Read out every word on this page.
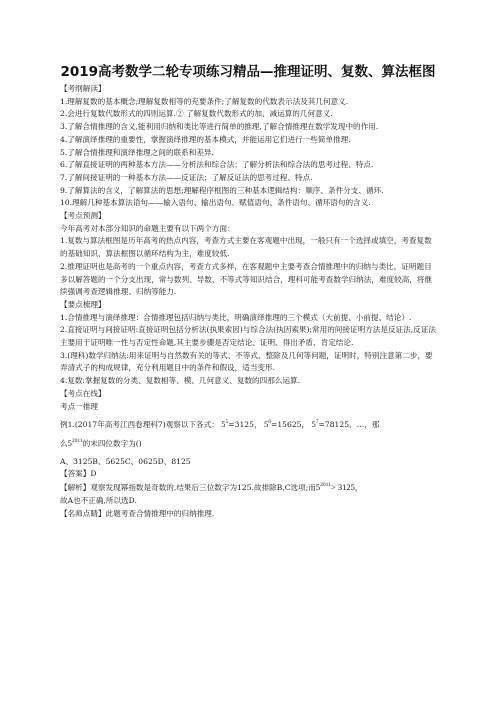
2019高考数学二轮专项练习精品—推理证明、复数、算法框图
【考纲解读】
1.理解复数的基本概念;理解复数相等的充要条件;了解复数的代数表示法及其几何意义.
2.会进行复数代数形式的四则运算.② 了解复数代数形式的加、减运算的几何意义.
3.了解合情推理的含义,能利用归纳和类比等进行简单的推理,了解合情推理在数学发现中的作用.
4.了解演绎推理的重要性，掌握演绎推理的基本模式，并能运用它们进行一些简单推理.
5.了解合情推理和演绎推理之间的联系和差异.
6.了解直接证明的两种基本方法——分析法和综合法；了解分析法和综合法的思考过程、特点.
7.了解间接证明的一种基本方法——反证法；了解反证法的思考过程、特点.
9.了解算法的含义，了解算法的思想;理解程序框图的三种基本逻辑结构：顺序、条件分支、循环.
10.理解几种基本算法语句——输入语句、输出语句、赋值语句、条件语句、循环语句的含义.
【考点预测】
今年高考对本部分知识的命题主要有以下两个方面：
1.复数与算法框图是历年高考的热点内容，考查方式主要在客观题中出现，一般只有一个选择或填空，考查复数的基础知识、算法框图以循环结构为主，难度较低.
2.推理证明也是高考的一个重点内容，考查方式多样，在客观题中主要考查合情推理中的归纳与类比，证明题目多以解答题的一个分支出现，常与数列、导数、不等式等知识结合，理科可能考查数学归纳法，难度较高，将继续强调考查逻辑推理、归纳等能力.
【要点梳理】
1.合情推理与演绎推理：合情推理包括归纳与类比，明确演绎推理的三个模式（大前提、小前提、结论）.
2.直接证明与间接证明:直接证明包括分析法(执果索因)与综合法(执因索果);常用的间接证明方法是反证法,反证法主要用于证明唯一性与否定性命题,其主要步骤是否定结论、证明、得出矛盾、肯定结论.
3.(理科)数学归纳法:用来证明与自然数有关的等式、不等式、整除及几何等问题，证明时，特别注意第二步，要弄清式子的构成规律，充分利用题目中的条件和假设，适当变形.
4.复数:掌握复数的分类、复数相等、模、几何意义、复数的四那么运算.
【考点在线】
考点一推理
例1.(2017年高考江西卷理科7)观察以下各式： $5^5=3125$， $5^6=15625$， $5^7=78125$，…，那
么$5^{2011}$的末四位数字为()
A、3125B、5625C、0625D、8125
【答案】D
【解析】观察发现幂指数是奇数的,结果后三位数字为125.故排除B,C选项;而$5^{2011}> 3125$，
故A也不正确,所以选D.
【名师点睛】此题考查合情推理中的归纳推理.
